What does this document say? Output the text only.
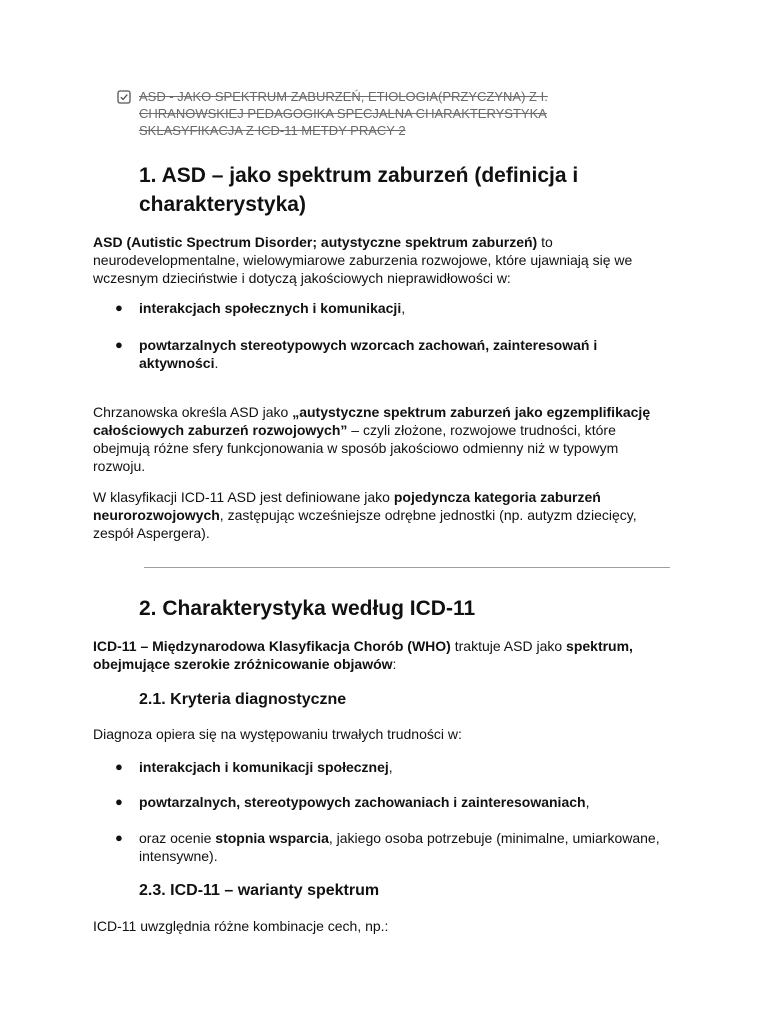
ASD - JAKO SPEKTRUM ZABURZEŃ, ETIOLOGIA(PRZYCZYNA) Z I. CHRANOWSKIEJ PEDAGOGIKA SPECJALNA CHARAKTERYSTYKA SKLASYFIKACJA Z ICD-11 METDY PRACY 2
1. ASD – jako spektrum zaburzeń (definicja i charakterystyka)

ASD (Autistic Spectrum Disorder; autystyczne spektrum zaburzeń) to neurodevelopmentalne, wielowymiarowe zaburzenia rozwojowe, które ujawniają się we wczesnym dzieciństwie i dotyczą jakościowych nieprawidłowości w:

●	interakcjach społecznych i komunikacji,
●	powtarzalnych stereotypowych wzorcach zachowań, zainteresowań i aktywności.

Chrzanowska określa ASD jako „autystyczne spektrum zaburzeń jako egzemplifikację całościowych zaburzeń rozwojowych” – czyli złożone, rozwojowe trudności, które obejmują różne sfery funkcjonowania w sposób jakościowo odmienny niż w typowym rozwoju.

W klasyfikacji ICD-11 ASD jest definiowane jako pojedyncza kategoria zaburzeń neurorozwojowych, zastępując wcześniejsze odrębne jednostki (np. autyzm dziecięcy, zespół Aspergera).

2. Charakterystyka według ICD-11

ICD-11 – Międzynarodowa Klasyfikacja Chorób (WHO) traktuje ASD jako spektrum, obejmujące szerokie zróżnicowanie objawów:

2.1. Kryteria diagnostyczne

Diagnoza opiera się na występowaniu trwałych trudności w:

●	interakcjach i komunikacji społecznej,
●	powtarzalnych, stereotypowych zachowaniach i zainteresowaniach,
●	oraz ocenie stopnia wsparcia, jakiego osoba potrzebuje (minimalne, umiarkowane, intensywne).
2.3. ICD-11 – warianty spektrum

ICD-11 uwzględnia różne kombinacje cech, np.:
